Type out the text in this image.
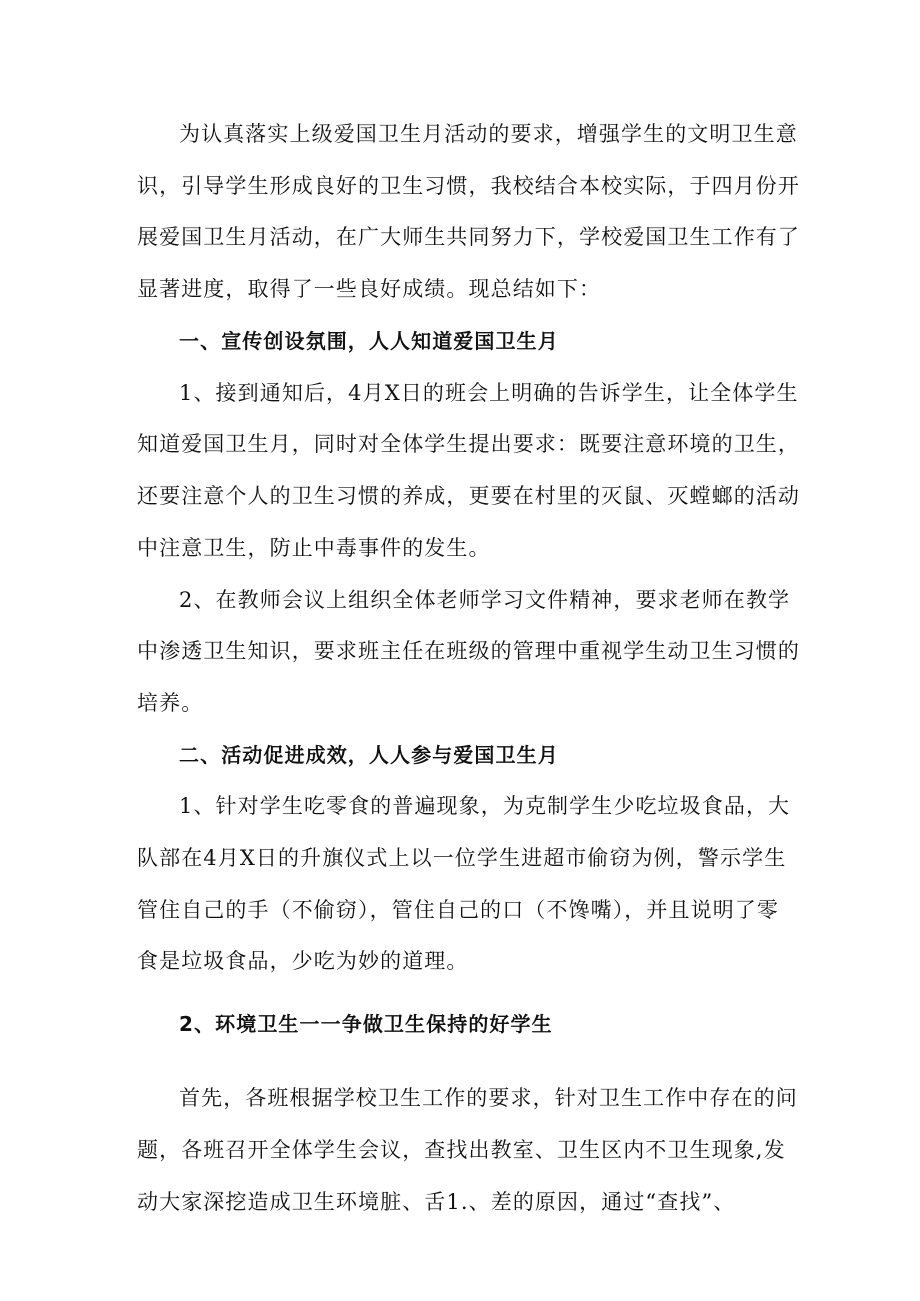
为认真落实上级爱国卫生月活动的要求，增强学生的文明卫生意
识，引导学生形成良好的卫生习惯，我校结合本校实际，于四月份开
展爱国卫生月活动，在广大师生共同努力下，学校爱国卫生工作有了
显著进度，取得了一些良好成绩。现总结如下：
一、宣传创设氛围，人人知道爱国卫生月
1、接到通知后，4月X日的班会上明确的告诉学生，让全体学生
知道爱国卫生月，同时对全体学生提出要求：既要注意环境的卫生，
还要注意个人的卫生习惯的养成，更要在村里的灭鼠、灭螳螂的活动
中注意卫生，防止中毒事件的发生。
2、在教师会议上组织全体老师学习文件精神，要求老师在教学
中渗透卫生知识，要求班主任在班级的管理中重视学生动卫生习惯的
培养。
二、活动促进成效，人人参与爱国卫生月
1、针对学生吃零食的普遍现象，为克制学生少吃垃圾食品，大
队部在4月X日的升旗仪式上以一位学生进超市偷窃为例，警示学生
管住自己的手（不偷窃），管住自己的口（不馋嘴），并且说明了零
食是垃圾食品，少吃为妙的道理。
2、环境卫生一一争做卫生保持的好学生
首先，各班根据学校卫生工作的要求，针对卫生工作中存在的问
题，各班召开全体学生会议，查找出教室、卫生区内不卫生现象,发
动大家深挖造成卫生环境脏、舌1.、差的原因，通过“查找”、
